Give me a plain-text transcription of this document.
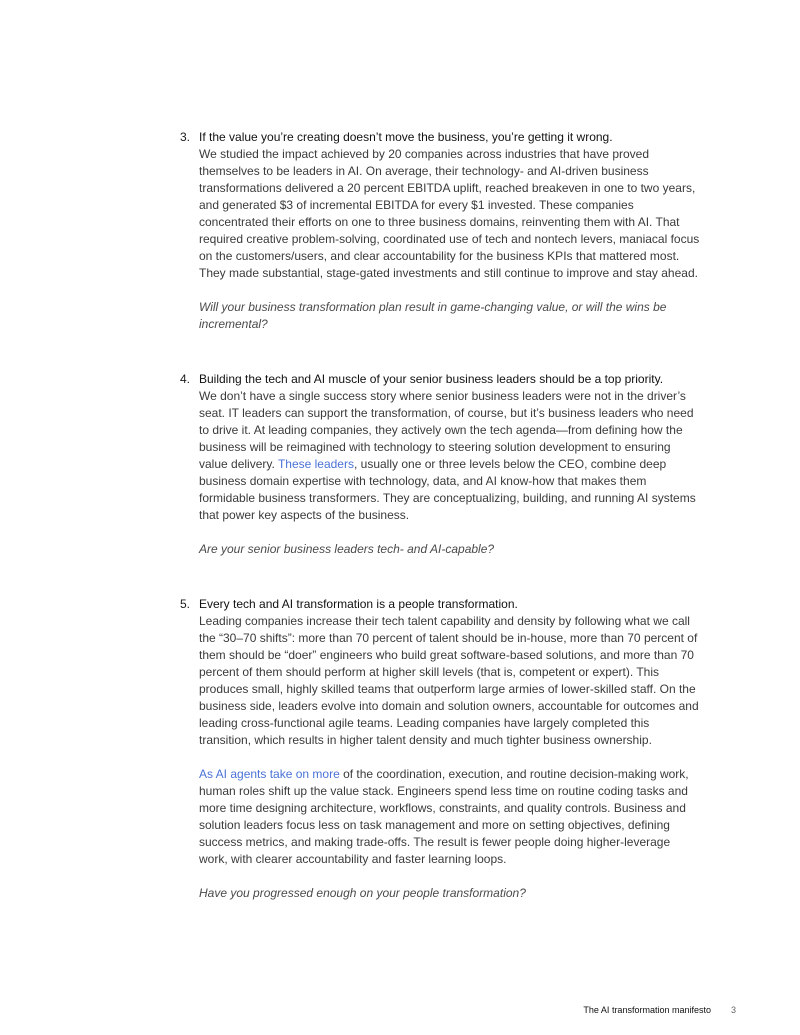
3. If the value you’re creating doesn’t move the business, you’re getting it wrong.

We studied the impact achieved by 20 companies across industries that have proved themselves to be leaders in AI. On average, their technology- and AI-driven business transformations delivered a 20 percent EBITDA uplift, reached breakeven in one to two years, and generated $3 of incremental EBITDA for every $1 invested. These companies concentrated their efforts on one to three business domains, reinventing them with AI. That required creative problem-solving, coordinated use of tech and nontech levers, maniacal focus on the customers/users, and clear accountability for the business KPIs that mattered most. They made substantial, stage-gated investments and still continue to improve and stay ahead.

Will your business transformation plan result in game-changing value, or will the wins be incremental?

4. Building the tech and AI muscle of your senior business leaders should be a top priority.

We don’t have a single success story where senior business leaders were not in the driver’s seat. IT leaders can support the transformation, of course, but it’s business leaders who need to drive it. At leading companies, they actively own the tech agenda—from defining how the business will be reimagined with technology to steering solution development to ensuring value delivery. These leaders, usually one or three levels below the CEO, combine deep business domain expertise with technology, data, and AI know-how that makes them formidable business transformers. They are conceptualizing, building, and running AI systems that power key aspects of the business.

Are your senior business leaders tech- and AI-capable?

5. Every tech and AI transformation is a people transformation.

Leading companies increase their tech talent capability and density by following what we call the “30–70 shifts”: more than 70 percent of talent should be in-house, more than 70 percent of them should be “doer” engineers who build great software-based solutions, and more than 70 percent of them should perform at higher skill levels (that is, competent or expert). This produces small, highly skilled teams that outperform large armies of lower-skilled staff. On the business side, leaders evolve into domain and solution owners, accountable for outcomes and leading cross-functional agile teams. Leading companies have largely completed this transition, which results in higher talent density and much tighter business ownership.

As AI agents take on more of the coordination, execution, and routine decision-making work, human roles shift up the value stack. Engineers spend less time on routine coding tasks and more time designing architecture, workflows, constraints, and quality controls. Business and solution leaders focus less on task management and more on setting objectives, defining success metrics, and making trade-offs. The result is fewer people doing higher-leverage work, with clearer accountability and faster learning loops.

Have you progressed enough on your people transformation?

The AI transformation manifesto 3
